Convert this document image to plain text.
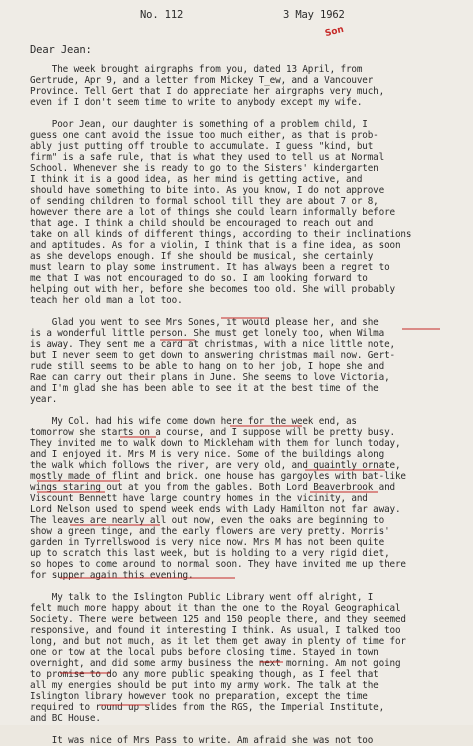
No. 112	3 May 1962
Son
Dear Jean:
The week brought airgraphs from you, dated 13 April, from
Gertrude, Apr 9, and a letter from Mickey T_ew, and a Vancouver
Province. Tell Gert that I do appreciate her airgraphs very much,
even if I don't seem time to write to anybody except my wife.
Poor Jean, our daughter is something of a problem child, I
guess one cant avoid the issue too much either, as that is prob-
ably just putting off trouble to accumulate. I guess "kind, but
firm" is a safe rule, that is what they used to tell us at Normal
School. Whenever she is ready to go to the Sisters' kindergarten
I think it is a good idea, as her mind is getting active, and
should have something to bite into. As you know, I do not approve
of sending children to formal school till they are about 7 or 8,
however there are a lot of things she could learn informally before
that age. I think a child should be encouraged to reach out and
take on all kinds of different things, according to their inclinations
and aptitudes. As for a violin, I think that is a fine idea, as soon
as she develops enough. If she should be musical, she certainly
must learn to play some instrument. It has always been a regret to
me that I was not encouraged to do so. I am looking forward to
helping out with her, before she becomes too old. She will probably
teach her old man a lot too.
Glad you went to see Mrs Sones, it would please her, and she
is a wonderful little person. She must get lonely too, when Wilma
is away. They sent me a card at christmas, with a nice little note,
but I never seem to get down to answering christmas mail now. Gert-
rude still seems to be able to hang on to her job, I hope she and
Rae can carry out their plans in June. She seems to love Victoria,
and I'm glad she has been able to see it at the best time of the
year.
My Col. had his wife come down here for the week end, as
tomorrow she starts on a course, and I suppose will be pretty busy.
They invited me to walk down to Mickleham with them for lunch today,
and I enjoyed it. Mrs M is very nice. Some of the buildings along
the walk which follows the river, are very old, and quaintly ornate,
mostly made of flint and brick. one house has gargoyles with bat-like
wings staring out at you from the gables. Both Lord Beaverbrook and
Viscount Bennett have large country homes in the vicinity, and
Lord Nelson used to spend week ends with Lady Hamilton not far away.
The leaves are nearly all out now, even the oaks are beginning to
show a green tinge, and the early flowers are very pretty. Morris'
garden in Tyrrellswood is very nice now. Mrs M has not been quite
up to scratch this last week, but is holding to a very rigid diet,
so hopes to come around to normal soon. They have invited me up there
for supper again this evening.
My talk to the Islington Public Library went off alright, I
felt much more happy about it than the one to the Royal Geographical
Society. There were between 125 and 150 people there, and they seemed
responsive, and found it interesting I think. As usual, I talked too
long, and but not much, as it let them get away in plenty of time for
one or tow at the local pubs before closing time. Stayed in town
overnight, and did some army business the next morning. Am not going
to promise to do any more public speaking though, as I feel that
all my energies should be put into my army work. The talk at the
Islington library however took no preparation, except the time
required to round up slides from the RGS, the Imperial Institute,
and BC House.
It was nice of Mrs Pass to write. Am afraid she was not too
